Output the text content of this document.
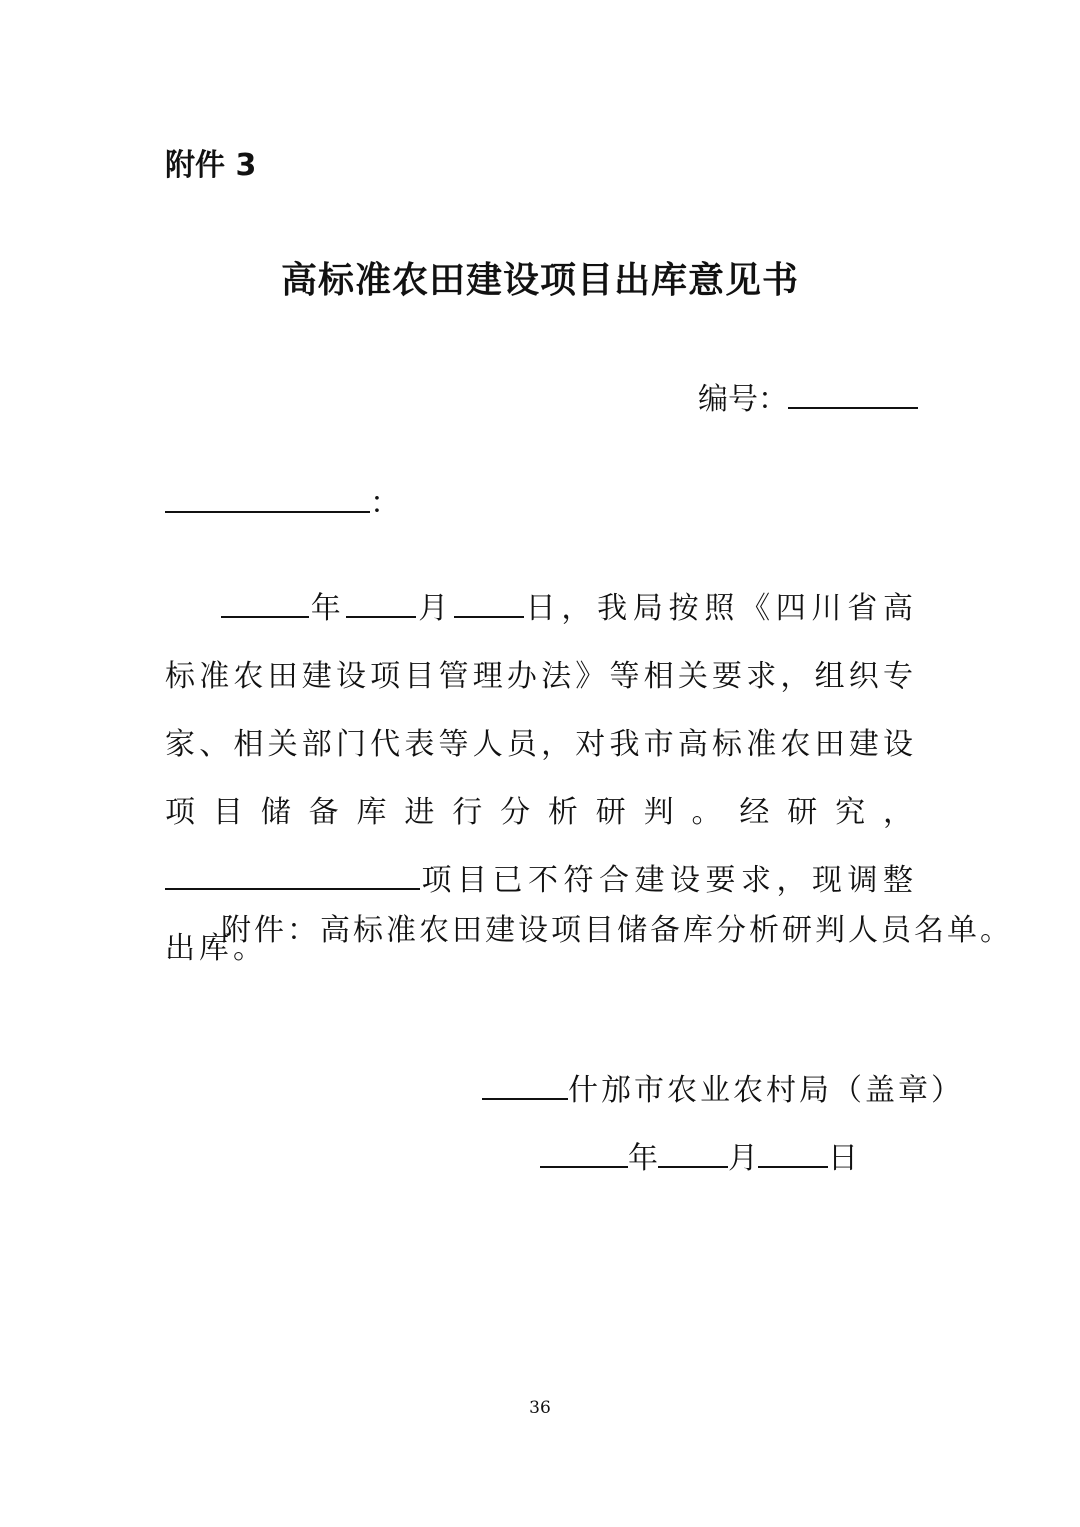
附件 3
高标准农田建设项目出库意见书
编号：
：
年 月 日，我局按照《四川省高标准农田建设项目管理办法》等相关要求，组织专家、相关部门代表等人员，对我市高标准农田建设项目储备库进行分析研判。经研究，项目已不符合建设要求，现调整出库。
附件：高标准农田建设项目储备库分析研判人员名单。
什邡市农业农村局（盖章）
年 月 日
36
